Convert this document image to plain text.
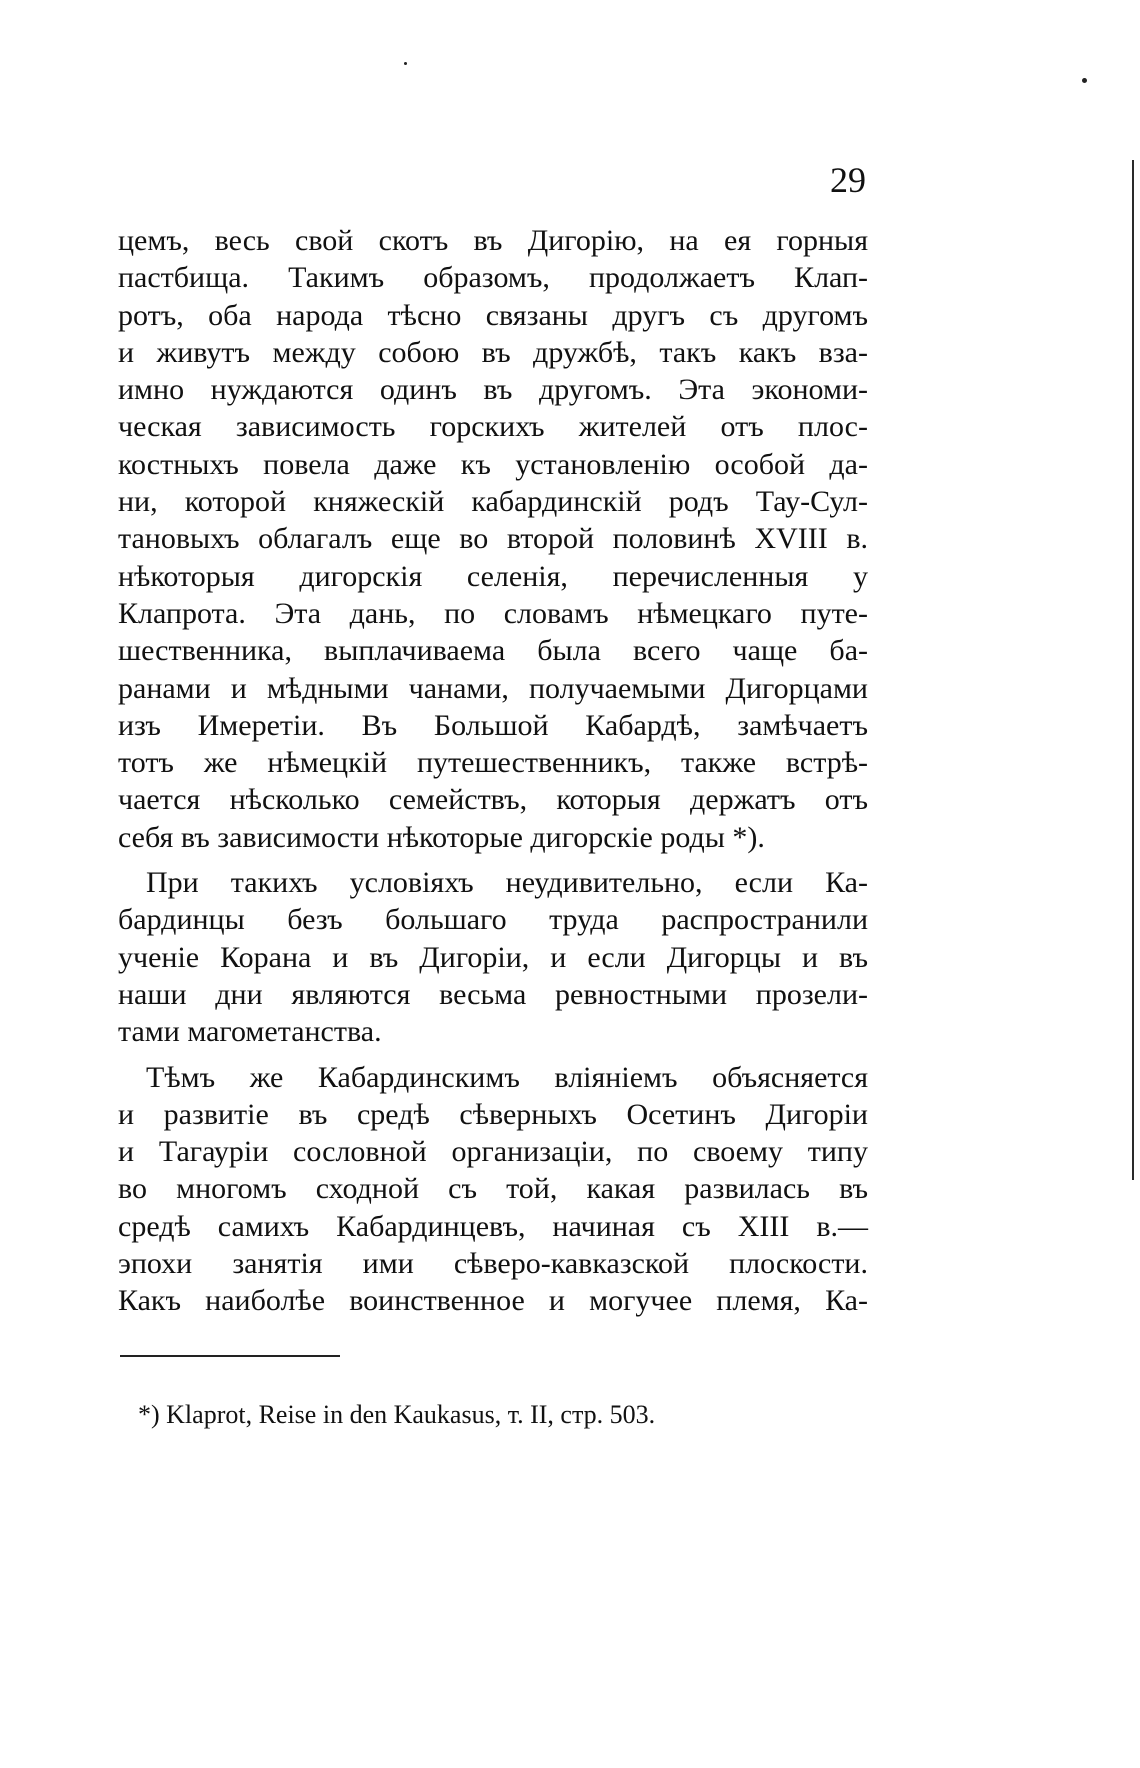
29
цемъ, весь свой скотъ въ Дигорію, на ея горныя
пастбища. Такимъ образомъ, продолжаетъ Клап-
ротъ, оба народа тѣсно связаны другъ съ другомъ
и живутъ между собою въ дружбѣ, такъ какъ вза-
имно нуждаются одинъ въ другомъ. Эта экономи-
ческая зависимость горскихъ жителей отъ плос-
костныхъ повела даже къ установленію особой да-
ни, которой княжескій кабардинскій родъ Тау-Сул-
тановыхъ облагалъ еще во второй половинѣ XVIII в.
нѣкоторыя дигорскія селенія, перечисленныя у
Клапрота. Эта дань, по словамъ нѣмецкаго путе-
шественника, выплачиваема была всего чаще ба-
ранами и мѣдными чанами, получаемыми Дигорцами
изъ Имеретіи. Въ Большой Кабардѣ, замѣчаетъ
тотъ же нѣмецкій путешественникъ, также встрѣ-
чается нѣсколько семействъ, которыя держатъ отъ
себя въ зависимости нѣкоторые дигорскіе роды *).
При такихъ условіяхъ неудивительно, если Ка-
бардинцы безъ большаго труда распространили
ученіе Корана и въ Дигоріи, и если Дигорцы и въ
наши дни являются весьма ревностными прозели-
тами магометанства.
Тѣмъ же Кабардинскимъ вліяніемъ объясняется
и развитіе въ средѣ сѣверныхъ Осетинъ Дигоріи
и Тагауріи сословной организаціи, по своему типу
во многомъ сходной съ той, какая развилась въ
средѣ самихъ Кабардинцевъ, начиная съ XIII в.—
эпохи занятія ими сѣверо-кавказской плоскости.
Какъ наиболѣе воинственное и могучее племя, Ка-
*) Klaprot, Reise in den Kaukasus, т. II, стр. 503.
